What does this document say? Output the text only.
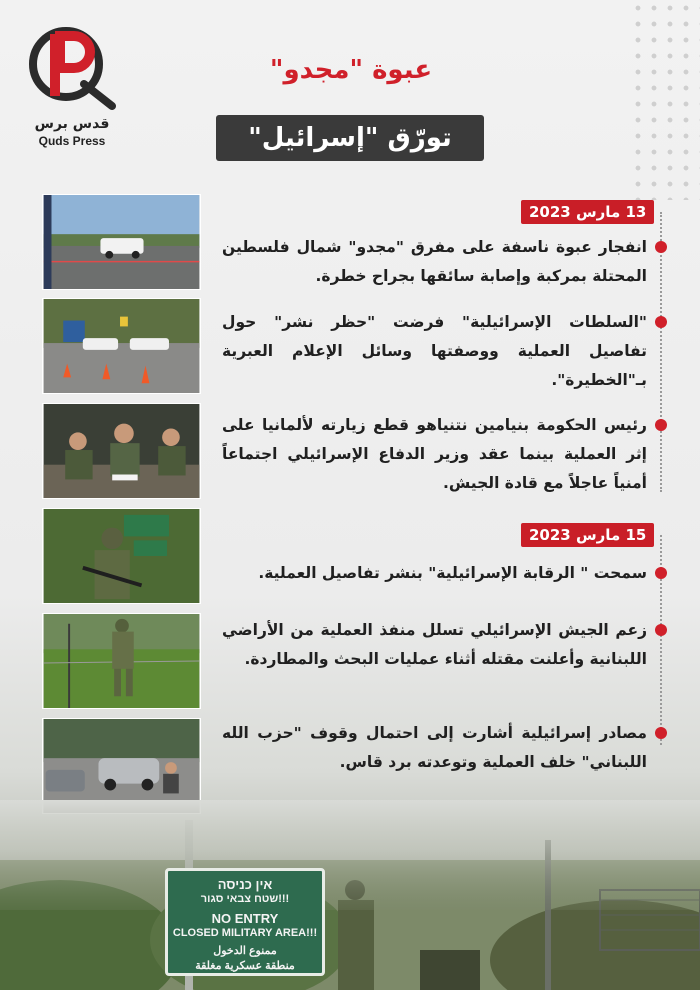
قدس برس
Quds Press
عبوة "مجدو"
تورّق "إسرائيل"
13 مارس 2023
15 مارس 2023
انفجار عبوة ناسفة على مفرق "مجدو" شمال فلسطين المحتلة بمركبة وإصابة سائقها بجراح خطرة.
"السلطات الإسرائيلية" فرضت "حظر نشر" حول تفاصيل العملية ووصفتها وسائل الإعلام العبرية بـ"الخطيرة".
رئيس الحكومة بنيامين نتنياهو قطع زيارته لألمانيا على إثر العملية بينما عقد وزير الدفاع الإسرائيلي اجتماعاً أمنياً عاجلاً مع قادة الجيش.
سمحت " الرقابة الإسرائيلية" بنشر تفاصيل العملية.
زعم الجيش الإسرائيلي تسلل منفذ العملية من الأراضي اللبنانية وأعلنت مقتله أثناء عمليات البحث والمطاردة.
مصادر إسرائيلية أشارت إلى احتمال وقوف "حزب الله اللبناني" خلف العملية وتوعدته برد قاس.
אין כניסה
שטח צבאי סגור!!!
NO ENTRY
CLOSED MILITARY AREA!!!
ممنوع الدخول
منطقة عسكرية مغلقة
